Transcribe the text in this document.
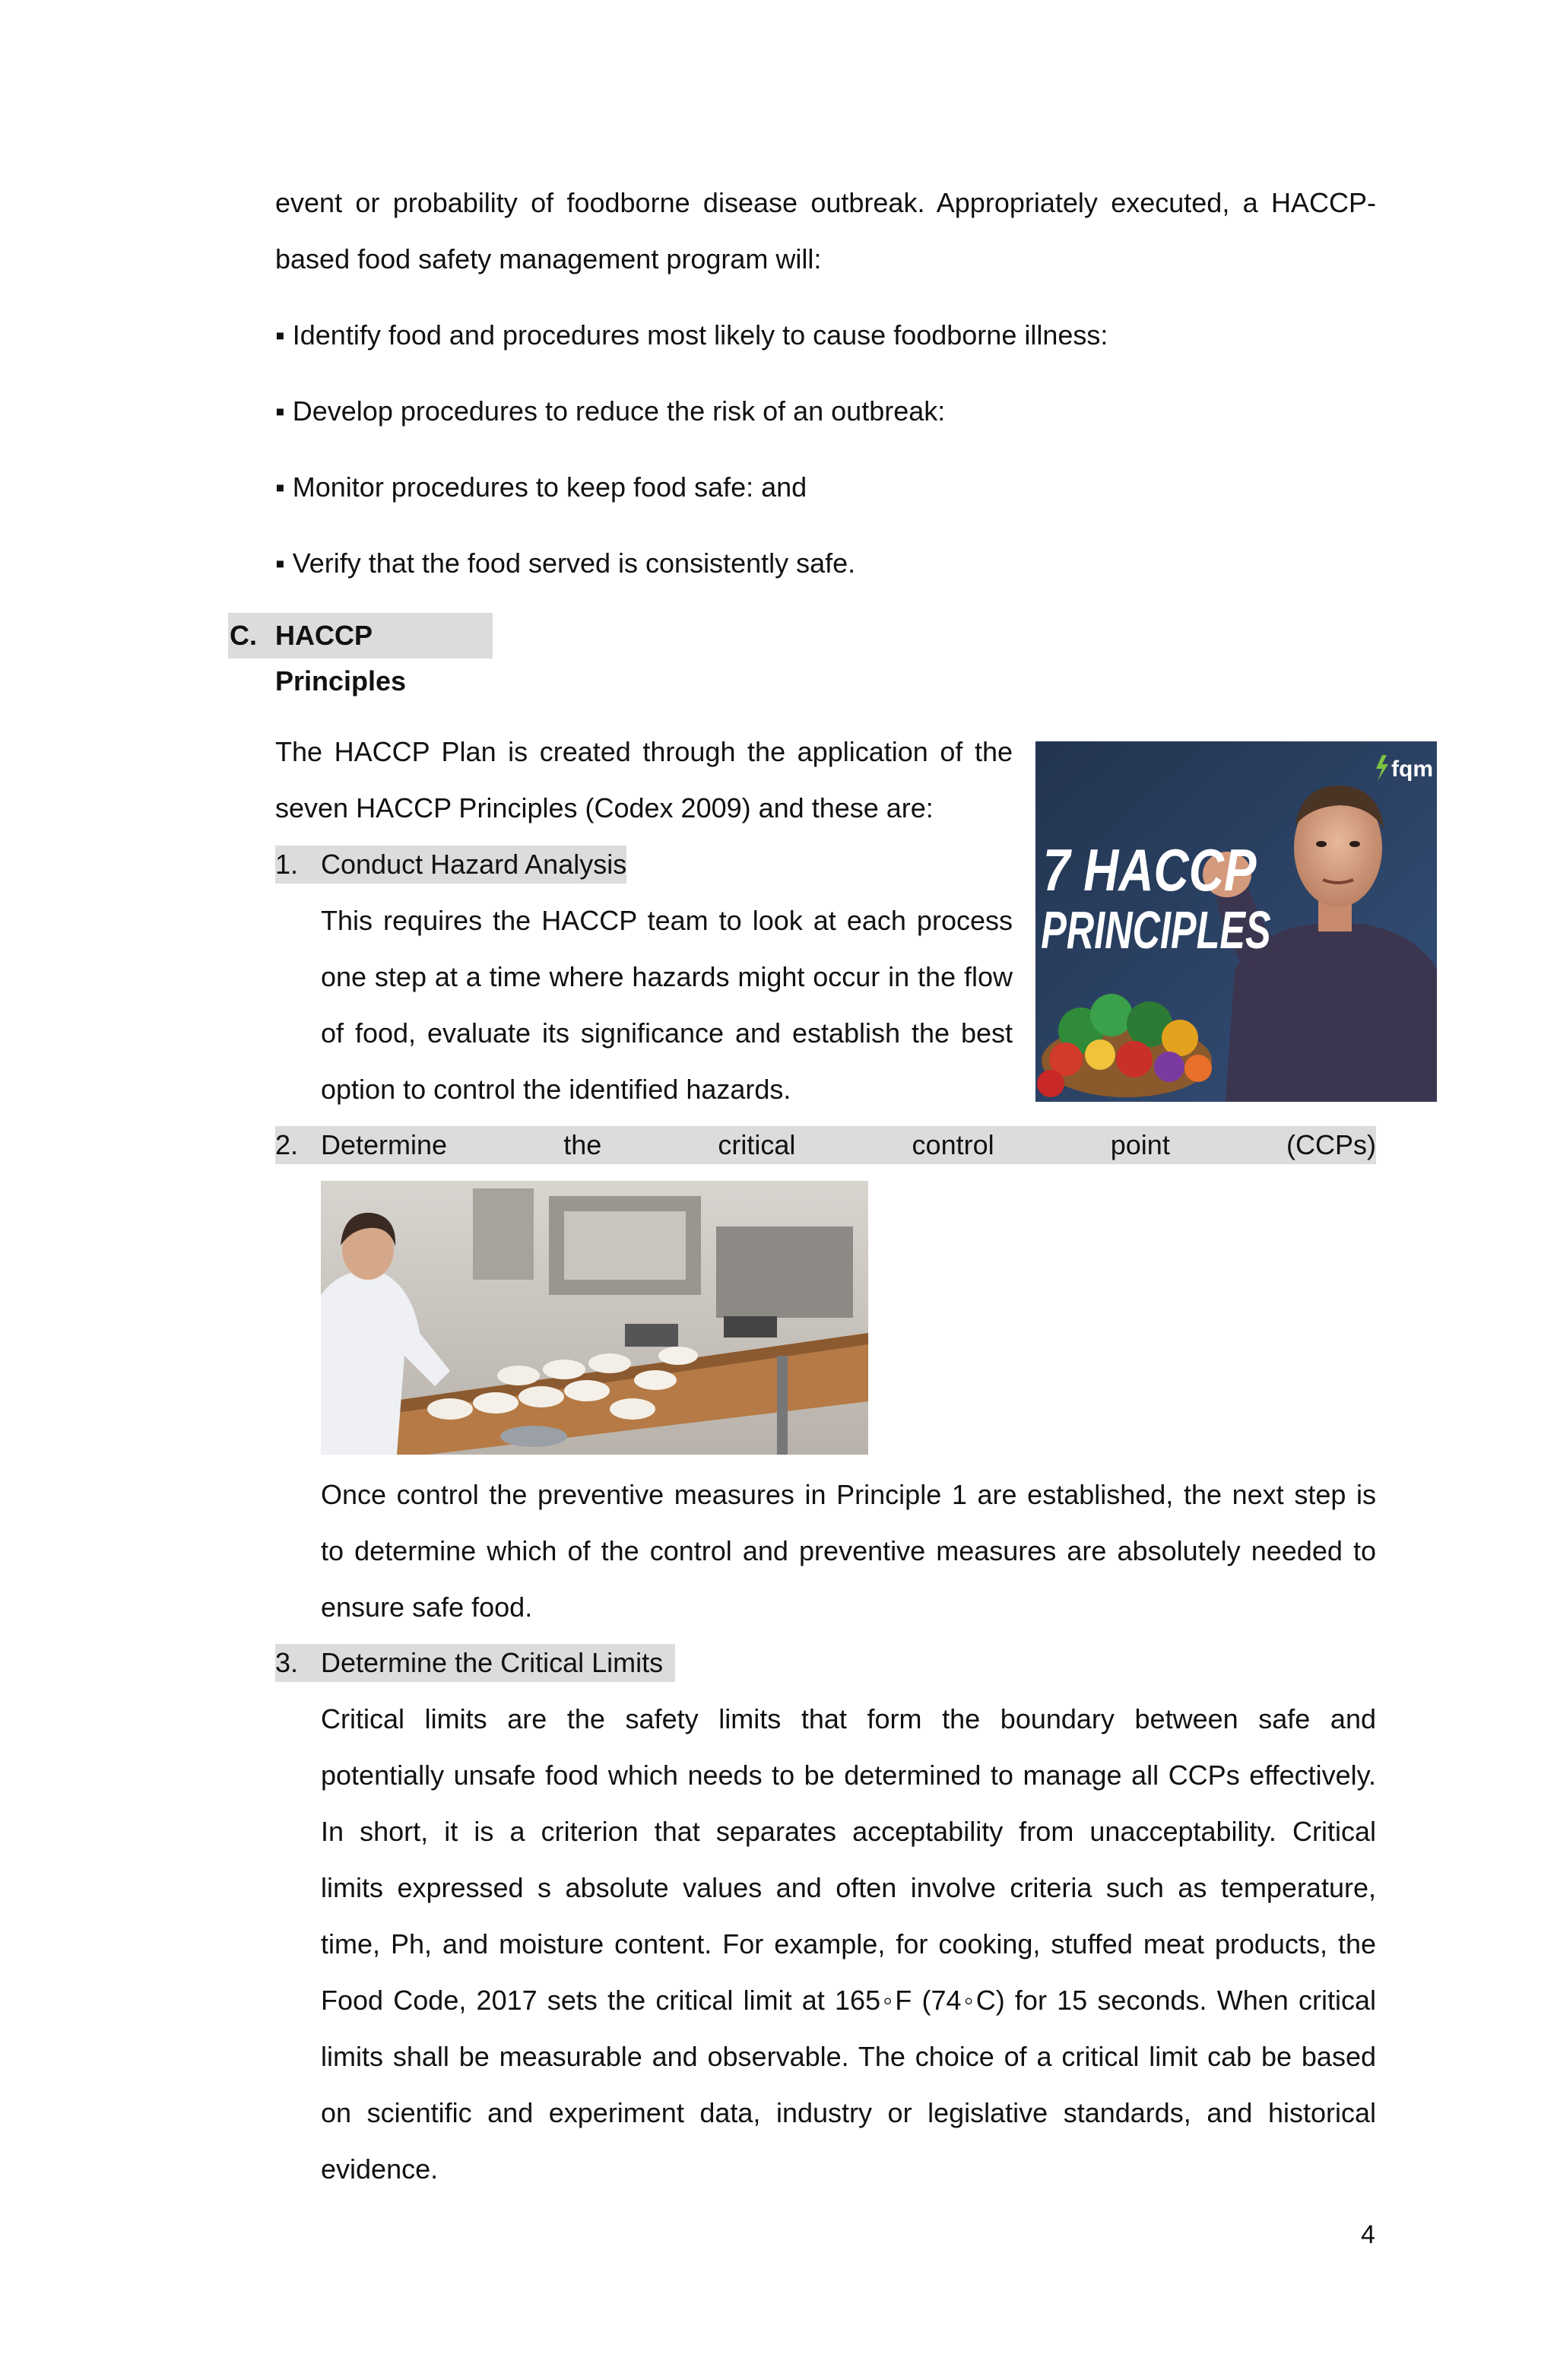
event or probability of foodborne disease outbreak. Appropriately executed, a HACCP-
based food safety management program will:
▪ Identify food and procedures most likely to cause foodborne illness:
▪ Develop procedures to reduce the risk of an outbreak:
▪ Monitor procedures to keep food safe: and
▪ Verify that the food served is consistently safe.
C. HACCP Principles
The HACCP Plan is created through the application of the
seven HACCP Principles (Codex 2009) and these are:
1. Conduct Hazard Analysis
This requires the HACCP team to look at each process
one step at a time where hazards might occur in the flow
of food, evaluate its significance and establish the best
option to control the identified hazards.
7 HACCP
PRINCIPLES
fqm
2. Determine	the	critical	control	point	(CCPs)
Once control the preventive measures in Principle 1 are established, the next step is
to determine which of the control and preventive measures are absolutely needed to
ensure safe food.
3. Determine the Critical Limits
Critical limits are the safety limits that form the boundary between safe and
potentially unsafe food which needs to be determined to manage all CCPs effectively.
In short, it is a criterion that separates acceptability from unacceptability. Critical
limits expressed s absolute values and often involve criteria such as temperature,
time, Ph, and moisture content. For example, for cooking, stuffed meat products, the
Food Code, 2017 sets the critical limit at 165◦F (74◦C) for 15 seconds. When critical
limits shall be measurable and observable. The choice of a critical limit cab be based
on scientific and experiment data, industry or legislative standards, and historical
evidence.
4
